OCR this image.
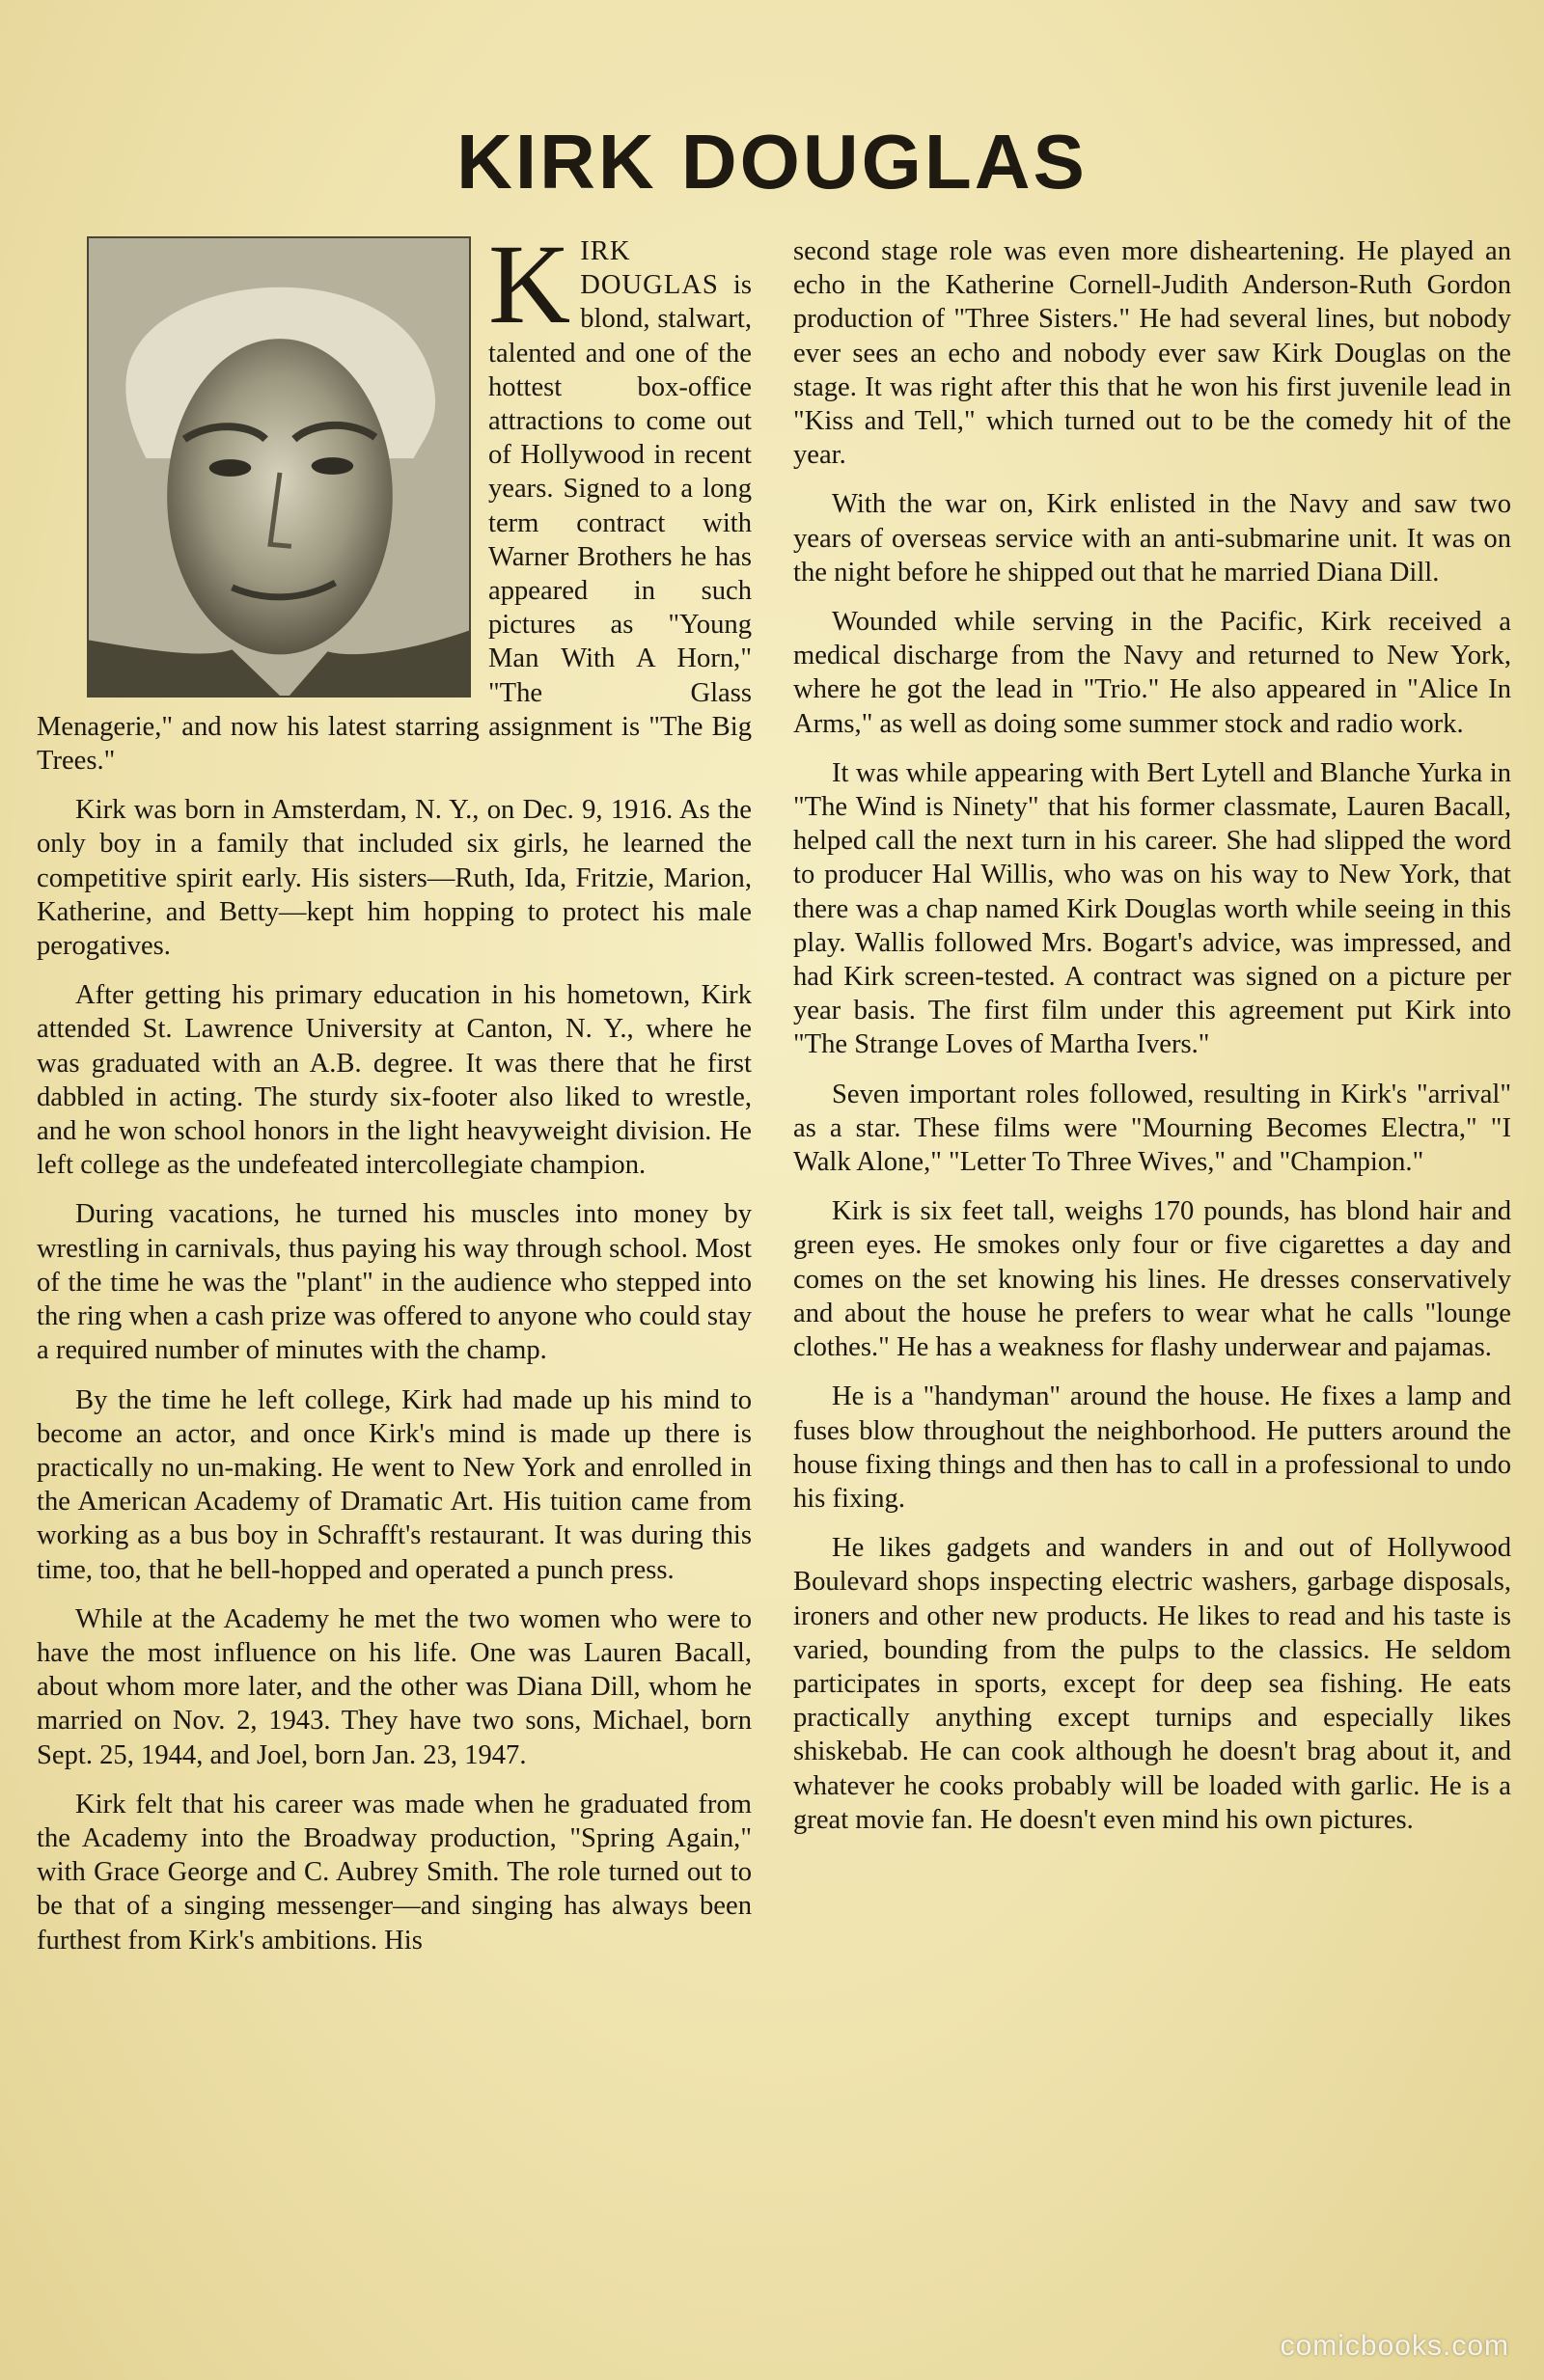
KIRK DOUGLAS

KIRK DOUGLAS is blond, stalwart, talented and one of the hottest box-office attractions to come out of Hollywood in recent years. Signed to a long term contract with Warner Brothers he has appeared in such pictures as "Young Man With A Horn," "The Glass Menagerie," and now his latest starring assignment is "The Big Trees."

Kirk was born in Amsterdam, N. Y., on Dec. 9, 1916. As the only boy in a family that included six girls, he learned the competitive spirit early. His sisters—Ruth, Ida, Fritzie, Marion, Katherine, and Betty—kept him hopping to protect his male perogatives.

After getting his primary education in his hometown, Kirk attended St. Lawrence University at Canton, N. Y., where he was graduated with an A.B. degree. It was there that he first dabbled in acting. The sturdy six-footer also liked to wrestle, and he won school honors in the light heavyweight division. He left college as the undefeated intercollegiate champion.

During vacations, he turned his muscles into money by wrestling in carnivals, thus paying his way through school. Most of the time he was the "plant" in the audience who stepped into the ring when a cash prize was offered to anyone who could stay a required number of minutes with the champ.

By the time he left college, Kirk had made up his mind to become an actor, and once Kirk's mind is made up there is practically no un-making. He went to New York and enrolled in the American Academy of Dramatic Art. His tuition came from working as a bus boy in Schrafft's restaurant. It was during this time, too, that he bell-hopped and operated a punch press.

While at the Academy he met the two women who were to have the most influence on his life. One was Lauren Bacall, about whom more later, and the other was Diana Dill, whom he married on Nov. 2, 1943. They have two sons, Michael, born Sept. 25, 1944, and Joel, born Jan. 23, 1947.

Kirk felt that his career was made when he graduated from the Academy into the Broadway production, "Spring Again," with Grace George and C. Aubrey Smith. The role turned out to be that of a singing messenger—and singing has always been furthest from Kirk's ambitions. His

second stage role was even more disheartening. He played an echo in the Katherine Cornell-Judith Anderson-Ruth Gordon production of "Three Sisters." He had several lines, but nobody ever sees an echo and nobody ever saw Kirk Douglas on the stage. It was right after this that he won his first juvenile lead in "Kiss and Tell," which turned out to be the comedy hit of the year.

With the war on, Kirk enlisted in the Navy and saw two years of overseas service with an anti-submarine unit. It was on the night before he shipped out that he married Diana Dill.

Wounded while serving in the Pacific, Kirk received a medical discharge from the Navy and returned to New York, where he got the lead in "Trio." He also appeared in "Alice In Arms," as well as doing some summer stock and radio work.

It was while appearing with Bert Lytell and Blanche Yurka in "The Wind is Ninety" that his former classmate, Lauren Bacall, helped call the next turn in his career. She had slipped the word to producer Hal Willis, who was on his way to New York, that there was a chap named Kirk Douglas worth while seeing in this play. Wallis followed Mrs. Bogart's advice, was impressed, and had Kirk screen-tested. A contract was signed on a picture per year basis. The first film under this agreement put Kirk into "The Strange Loves of Martha Ivers."

Seven important roles followed, resulting in Kirk's "arrival" as a star. These films were "Mourning Becomes Electra," "I Walk Alone," "Letter To Three Wives," and "Champion."

Kirk is six feet tall, weighs 170 pounds, has blond hair and green eyes. He smokes only four or five cigarettes a day and comes on the set knowing his lines. He dresses conservatively and about the house he prefers to wear what he calls "lounge clothes." He has a weakness for flashy underwear and pajamas.

He is a "handyman" around the house. He fixes a lamp and fuses blow throughout the neighborhood. He putters around the house fixing things and then has to call in a professional to undo his fixing.

He likes gadgets and wanders in and out of Hollywood Boulevard shops inspecting electric washers, garbage disposals, ironers and other new products. He likes to read and his taste is varied, bounding from the pulps to the classics. He seldom participates in sports, except for deep sea fishing. He eats practically anything except turnips and especially likes shiskebab. He can cook although he doesn't brag about it, and whatever he cooks probably will be loaded with garlic. He is a great movie fan. He doesn't even mind his own pictures.

comicbooks.com
